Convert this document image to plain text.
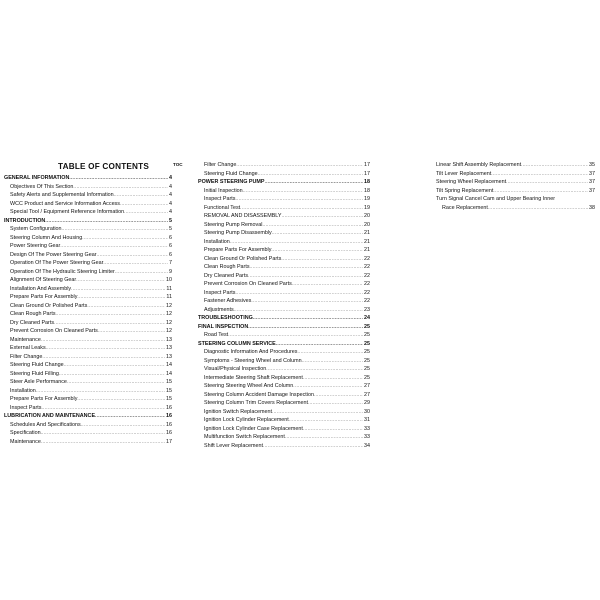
TABLE OF CONTENTS	TOC
GENERAL INFORMATION .....	4
Objectives Of This Section .....	4
Safety Alerts and Supplemental Information .....	4
WCC Product and Service Information Access .....	4
Special Tool / Equipment Reference Information .....	4
INTRODUCTION .....	5
System Configuration .....	5
Steering Column And Housing .....	6
Power Steering Gear .....	6
Design Of The Power Steering Gear .....	6
Operation Of The Power Steering Gear .....	7
Operation Of The Hydraulic Steering Limiter .....	9
Alignment Of Steering Gear .....	10
Installation And Assembly .....	11
Prepare Parts For Assembly .....	11
Clean Ground Or Polished Parts .....	12
Clean Rough Parts .....	12
Dry Cleaned Parts .....	12
Prevent Corrosion On Cleaned Parts .....	12
Maintenance .....	13
External Leaks .....	13
Filter Change .....	13
Steering Fluid Change .....	14
Steering Fluid Filling .....	14
Steer Axle Performance .....	15
Installation .....	15
Prepare Parts For Assembly .....	15
Inspect Parts .....	16
LUBRICATION AND MAINTENANCE .....	16
Schedules And Specifications .....	16
Specification .....	16
Maintenance .....	17
Filter Change .....	17
Steering Fluid Change .....	17
POWER STEERING PUMP .....	18
Initial Inspection .....	18
Inspect Parts .....	19
Functional Test .....	19
REMOVAL AND DISASSEMBLY .....	20
Steering Pump Removal .....	20
Steering Pump Disassembly .....	21
Installation .....	21
Prepare Parts For Assembly .....	21
Clean Ground Or Polished Parts .....	22
Clean Rough Parts .....	22
Dry Cleaned Parts .....	22
Prevent Corrosion On Cleaned Parts .....	22
Inspect Parts .....	22
Fastener Adhesives .....	22
Adjustments .....	23
TROUBLESHOOTING .....	24
FINAL INSPECTION .....	25
Road Test .....	25
STEERING COLUMN SERVICE .....	25
Diagnostic Information And Procedures .....	25
Symptoms - Steering Wheel and Column .....	25
Visual/Physical Inspection .....	25
Intermediate Steering Shaft Replacement .....	25
Steering Steering Wheel And Column .....	27
Steering Column Accident Damage Inspection .....	27
Steering Column Trim Covers Replacement .....	29
Ignition Switch Replacement .....	30
Ignition Lock Cylinder Replacement .....	31
Ignition Lock Cylinder Case Replacement .....	33
Multifunction Switch Replacement .....	33
Shift Lever Replacement .....	34
Linear Shift Assembly Replacement .....	35
Tilt Lever Replacement .....	37
Steering Wheel Replacement .....	37
Tilt Spring Replacement .....	37
Turn Signal Cancel Cam and Upper Bearing Inner
Race Replacement .....	38
